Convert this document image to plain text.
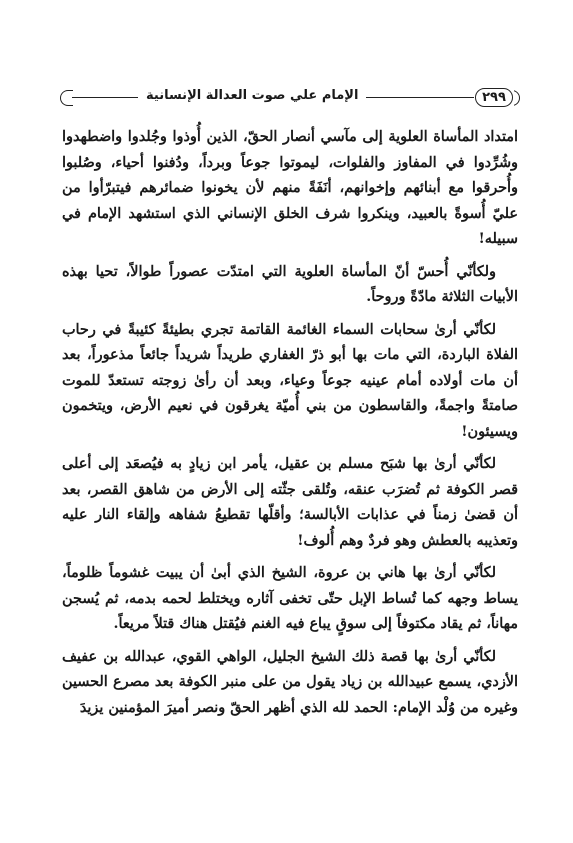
الإمام علي صوت العدالة الإنسانية	٢٩٩

امتداد المأساة العلوية إلى مآسي أنصار الحقّ، الذين أُوذوا وجُلدوا واضطهدوا وشُرِّدوا في المفاوز والفلوات، ليموتوا جوعاً وبرداً، ودُفنوا أحياء، وصُلبوا وأُحرقوا مع أبنائهم وإخوانهم، أنَفَةً منهم لأن يخونوا ضمائرهم فيتبرّأوا من عليّ أُسوةً بالعبيد، وينكروا شرف الخلق الإنساني الذي استشهد الإمام في سبيله!

ولكأنّي أُحسّ أنّ المأساة العلوية التي امتدّت عصوراً طوالاً، تحيا بهذه الأبيات الثلاثة مادّةً وروحاً.

لكأنّي أرىٰ سحابات السماء الغائمة القاتمة تجري بطيئةً كئيبةً في رحاب الفلاة الباردة، التي مات بها أبو ذرّ الغفاري طريداً شريداً جائعاً مذعوراً، بعد أن مات أولاده أمام عينيه جوعاً وعياء، وبعد أن رأىٰ زوجته تستعدّ للموت صامتةً واجمةً، والقاسطون من بني أُميّة يغرقون في نعيم الأرض، ويتخمون ويسيئون!

لكأنّي أرىٰ بها شبَح مسلم بن عقيل، يأمر ابن زيادٍ به فيُصعَد إلى أعلى قصر الكوفة ثم تُضرَب عنقه، وتُلقى جثّته إلى الأرض من شاهق القصر، بعد أن قضىٰ زمناً في عذابات الأبالسة؛ وأقلّها تقطيعُ شفاهه وإلقاء النار عليه وتعذيبه بالعطش وهو فردٌ وهم أُلوف!

لكأنّي أرىٰ بها هاني بن عروة، الشيخ الذي أبىٰ أن يبيت غشوماً ظلوماً، يساط وجهه كما تُساط الإبل حتّى تخفى آثاره ويختلط لحمه بدمه، ثم يُسجن مهاناً، ثم يقاد مكتوفاً إلى سوقٍ يباع فيه الغنم فيُقتل هناك قتلاً مريعاً.

لكأنّي أرىٰ بها قصة ذلك الشيخ الجليل، الواهي القوي، عبدالله بن عفيف الأزدي، يسمع عبيدالله بن زياد يقول من على منبر الكوفة بعد مصرع الحسين وغيره من وُلْد الإمام: الحمد لله الذي أظهر الحقّ ونصر أميرَ المؤمنين يزيدَ
